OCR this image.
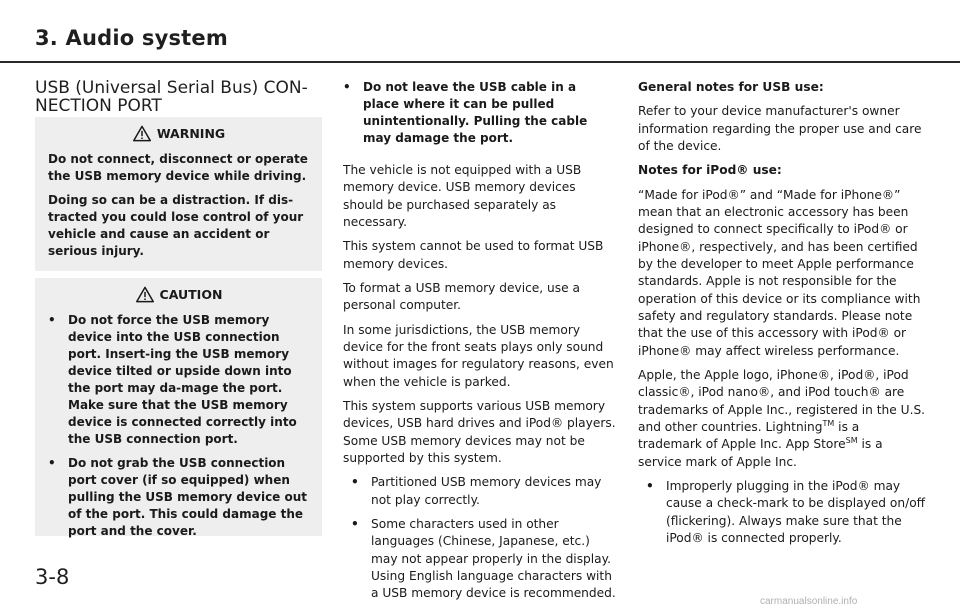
3. Audio system
USB (Universal Serial Bus) CON-NECTION PORT
WARNING

Do not connect, disconnect or operate the USB memory device while driving.

Doing so can be a distraction. If dis-tracted you could lose control of your vehicle and cause an accident or serious injury.

CAUTION
•	Do not force the USB memory device into the USB connection port. Insert-ing the USB memory device tilted or upside down into the port may da-mage the port. Make sure that the USB memory device is connected correctly into the USB connection port.
•	Do not grab the USB connection port cover (if so equipped) when pulling the USB memory device out of the port. This could damage the port and the cover.
•	Do not leave the USB cable in a place where it can be pulled unintentionally. Pulling the cable may damage the port.

The vehicle is not equipped with a USB memory device. USB memory devices should be purchased separately as necessary.

This system cannot be used to format USB memory devices.

To format a USB memory device, use a personal computer.

In some jurisdictions, the USB memory device for the front seats plays only sound without images for regulatory reasons, even when the vehicle is parked.

This system supports various USB memory devices, USB hard drives and iPod® players. Some USB memory devices may not be supported by this system.

•	Partitioned USB memory devices may not play correctly.
•	Some characters used in other languages (Chinese, Japanese, etc.) may not appear properly in the display. Using English language characters with a USB memory device is recommended.

General notes for USB use:

Refer to your device manufacturer's owner information regarding the proper use and care of the device.

Notes for iPod® use:

“Made for iPod®” and “Made for iPhone®” mean that an electronic accessory has been designed to connect specifically to iPod® or iPhone®, respectively, and has been certified by the developer to meet Apple performance standards. Apple is not responsible for the operation of this device or its compliance with safety and regulatory standards. Please note that the use of this accessory with iPod® or iPhone® may affect wireless performance.

Apple, the Apple logo, iPhone®, iPod®, iPod classic®, iPod nano®, and iPod touch® are trademarks of Apple Inc., registered in the U.S. and other countries. Lightning™ is a trademark of Apple Inc. App Store℠ is a service mark of Apple Inc.

•	Improperly plugging in the iPod® may cause a check-mark to be displayed on/off (flickering). Always make sure that the iPod® is connected properly.
3-8
carmanualsonline.info
